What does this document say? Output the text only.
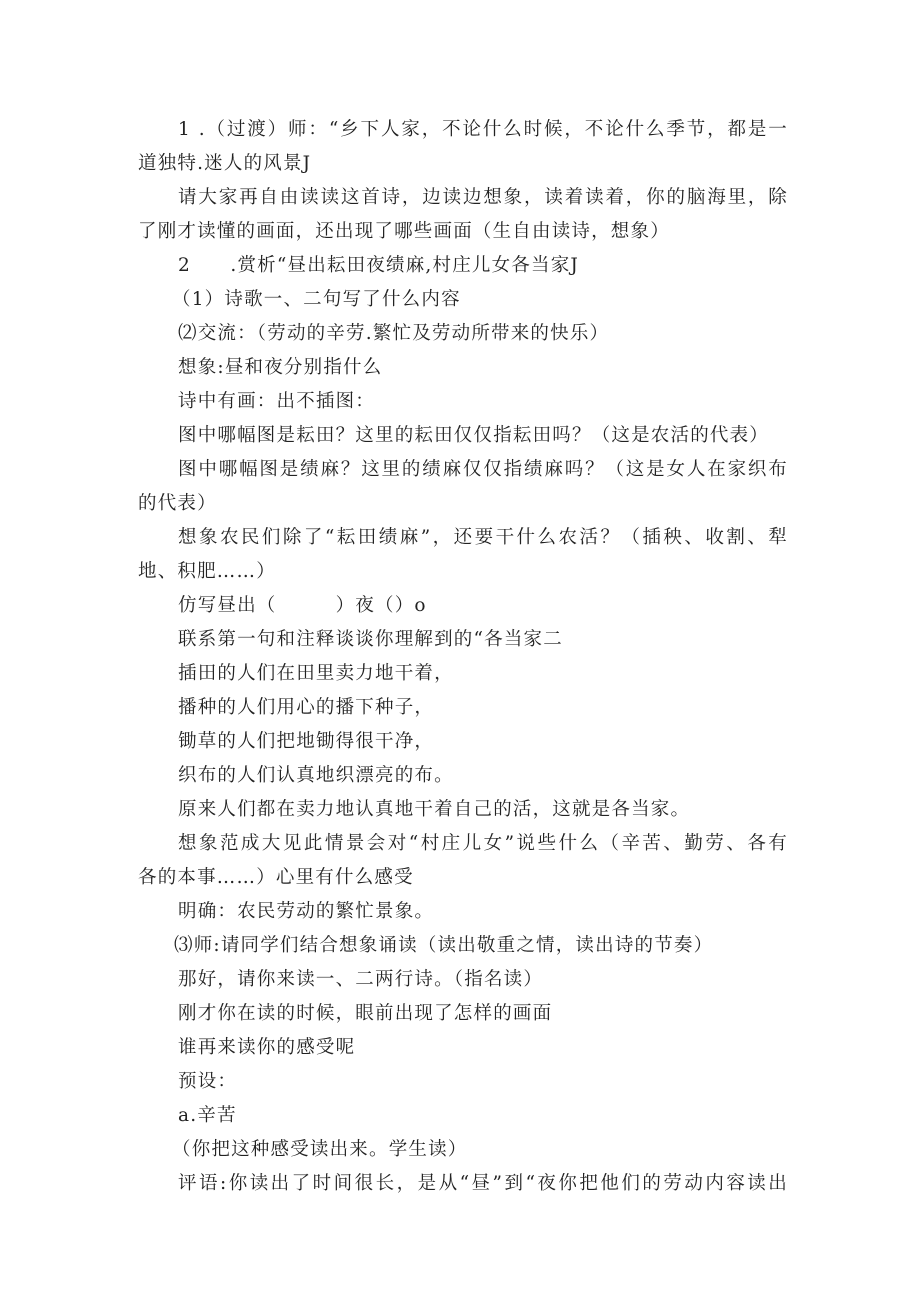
1 .（过渡）师：“乡下人家，不论什么时候，不论什么季节，都是一
道独特.迷人的风景J
请大家再自由读读这首诗，边读边想象，读着读着，你的脑海里，除
了刚才读懂的画面，还出现了哪些画面（生自由读诗，想象）
2　　.赏析“昼出耘田夜绩麻,村庄儿女各当家J
（1）诗歌一、二句写了什么内容
⑵交流：（劳动的辛劳.繁忙及劳动所带来的快乐）
想象:昼和夜分别指什么
诗中有画：出不插图：
图中哪幅图是耘田？这里的耘田仅仅指耘田吗？（这是农活的代表）
图中哪幅图是绩麻？这里的绩麻仅仅指绩麻吗？（这是女人在家织布
的代表）
想象农民们除了“耘田绩麻”，还要干什么农活？（插秧、收割、犁
地、积肥……）
仿写昼出（　　　）夜（）o
联系第一句和注释谈谈你理解到的“各当家二
插田的人们在田里卖力地干着，
播种的人们用心的播下种子，
锄草的人们把地锄得很干净，
织布的人们认真地织漂亮的布。
原来人们都在卖力地认真地干着自己的活，这就是各当家。
想象范成大见此情景会对“村庄儿女”说些什么（辛苦、勤劳、各有
各的本事……）心里有什么感受
明确：农民劳动的繁忙景象。
⑶师:请同学们结合想象诵读（读出敬重之情，读出诗的节奏）
那好，请你来读一、二两行诗。（指名读）
刚才你在读的时候，眼前出现了怎样的画面
谁再来读你的感受呢
预设：
a.辛苦
（你把这种感受读出来。学生读）
评语:你读出了时间很长，是从“昼”到“夜你把他们的劳动内容读出
